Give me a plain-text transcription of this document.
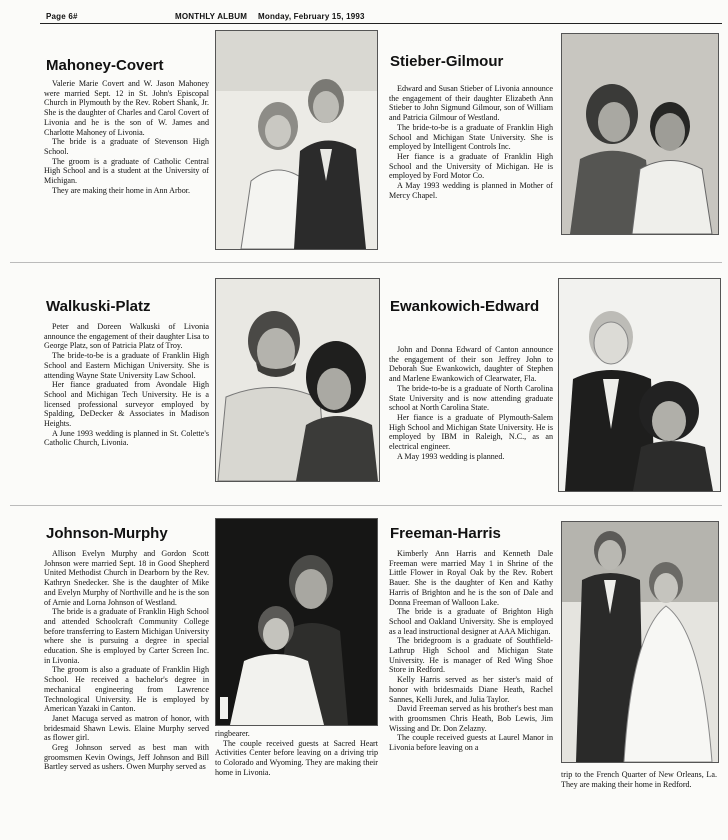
Page 6#	MONTHLY ALBUM Monday, February 15, 1993
Mahoney-Covert

Valerie Marie Covert and W. Jason Mahoney were married Sept. 12 in St. John's Episcopal Church in Plymouth by the Rev. Robert Shank, Jr. She is the daughter of Charles and Carol Covert of Livonia and he is the son of W. James and Charlotte Mahoney of Livonia.

The bride is a graduate of Stevenson High School.

The groom is a graduate of Catholic Central High School and is a student at the University of Michigan.

They are making their home in Ann Arbor.

Stieber-Gilmour

Edward and Susan Stieber of Livonia announce the engagement of their daughter Elizabeth Ann Stieber to John Sigmund Gilmour, son of William and Patricia Gilmour of Westland.

The bride-to-be is a graduate of Franklin High School and Michigan State University. She is employed by Intelligent Controls Inc.

Her fiance is a graduate of Franklin High School and the University of Michigan. He is employed by Ford Motor Co.

A May 1993 wedding is planned in Mother of Mercy Chapel.

Walkuski-Platz

Peter and Doreen Walkuski of Livonia announce the engagement of their daughter Lisa to George Platz, son of Patricia Platz of Troy.

The bride-to-be is a graduate of Franklin High School and Eastern Michigan University. She is attending Wayne State University Law School.

Her fiance graduated from Avondale High School and Michigan Tech University. He is a licensed professional surveyor employed by Spalding, DeDecker & Associates in Madison Heights.

A June 1993 wedding is planned in St. Colette's Catholic Church, Livonia.

Ewankowich-Edward

John and Donna Edward of Canton announce the engagement of their son Jeffrey John to Deborah Sue Ewankowich, daughter of Stephen and Marlene Ewankowich of Clearwater, Fla.

The bride-to-be is a graduate of North Carolina State University and is now attending graduate school at North Carolina State.

Her fiance is a graduate of Plymouth-Salem High School and Michigan State University. He is employed by IBM in Raleigh, N.C., as an electrical engineer.

A May 1993 wedding is planned.

Johnson-Murphy

Allison Evelyn Murphy and Gordon Scott Johnson were married Sept. 18 in Good Shepherd United Methodist Church in Dearborn by the Rev. Kathryn Snedecker. She is the daughter of Mike and Evelyn Murphy of Northville and he is the son of Arnie and Lorna Johnson of Westland.

The bride is a graduate of Franklin High School and attended Schoolcraft Community College before transferring to Eastern Michigan University where she is pursuing a degree in special education. She is employed by Carter Screen Inc. in Livonia.

The groom is also a graduate of Franklin High School. He received a bachelor's degree in mechanical engineering from Lawrence Technological University. He is employed by American Yazaki in Canton.

Janet Macuga served as matron of honor, with bridesmaid Shawn Lewis. Elaine Murphy served as flower girl.

Greg Johnson served as best man with groomsmen Kevin Owings, Jeff Johnson and Bill Bartley served as ushers. Owen Murphy served as

ringbearer.

The couple received guests at Sacred Heart Activities Center before leaving on a driving trip to Colorado and Wyoming. They are making their home in Livonia.

Freeman-Harris

Kimberly Ann Harris and Kenneth Dale Freeman were married May 1 in Shrine of the Little Flower in Royal Oak by the Rev. Robert Bauer. She is the daughter of Ken and Kathy Harris of Brighton and he is the son of Dale and Donna Freeman of Walloon Lake.

The bride is a graduate of Brighton High School and Oakland University. She is employed as a lead instructional designer at AAA Michigan.

The bridegroom is a graduate of Southfield-Lathrup High School and Michigan State University. He is manager of Red Wing Shoe Store in Redford.

Kelly Harris served as her sister's maid of honor with bridesmaids Diane Heath, Rachel Sannes, Kelli Jurek, and Julia Taylor.

David Freeman served as his brother's best man with groomsmen Chris Heath, Bob Lewis, Jim Wissing and Dr. Don Zelazny.

The couple received guests at Laurel Manor in Livonia before leaving on a

trip to the French Quarter of New Orleans, La. They are making their home in Redford.
